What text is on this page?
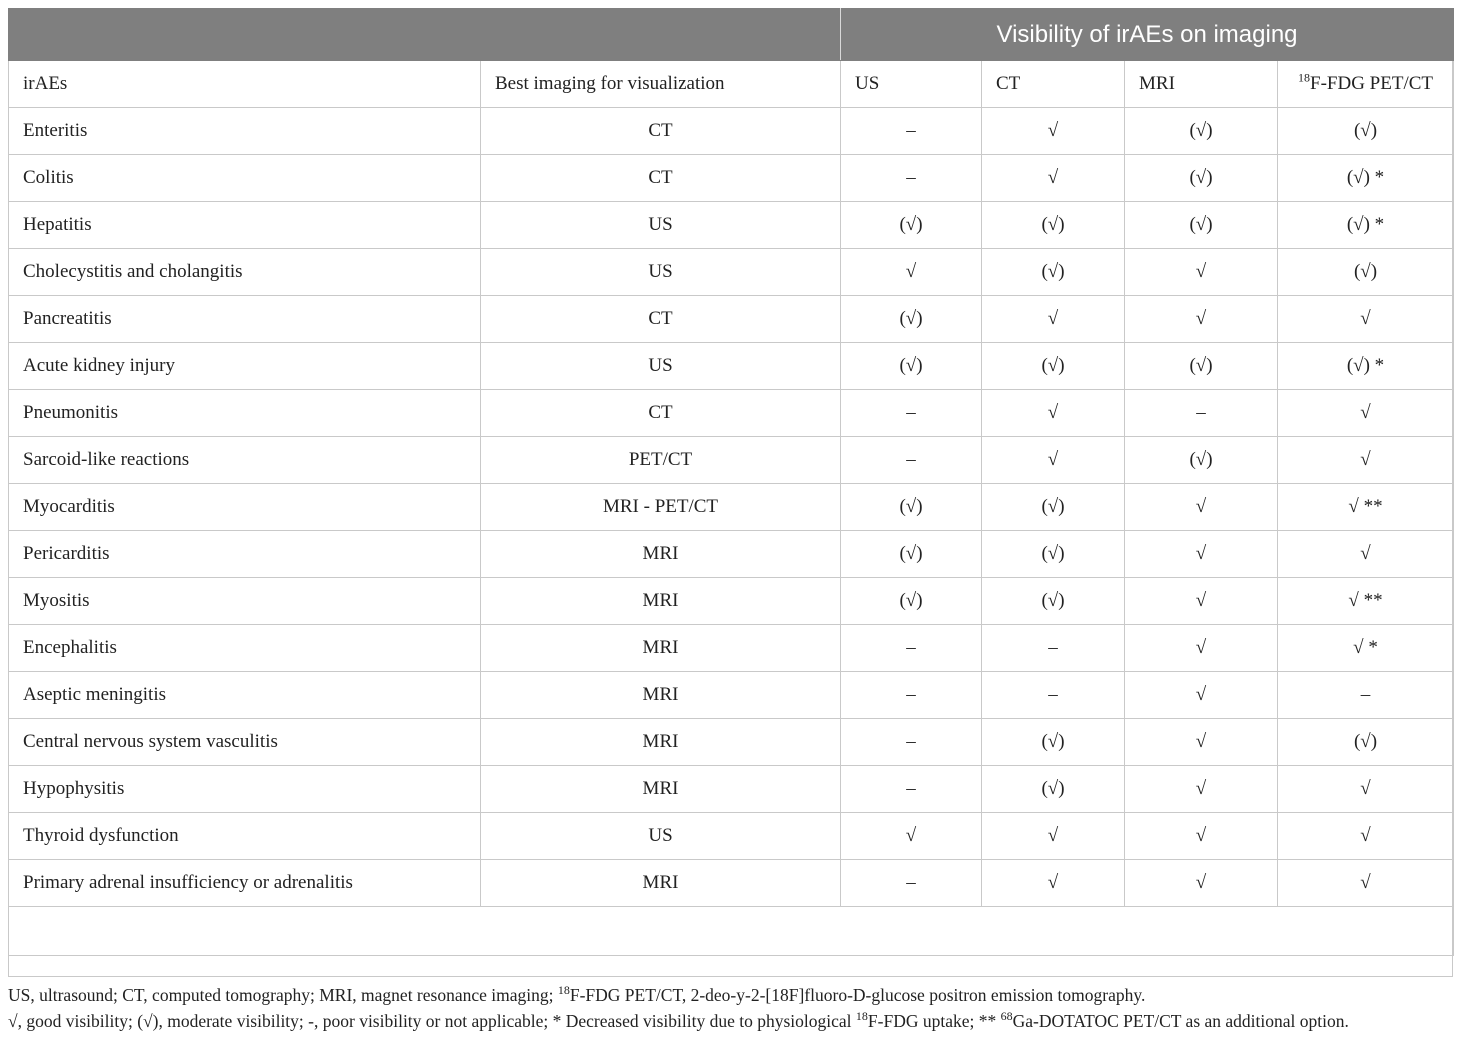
		Visibility of irAEs on imaging			
irAEs	Best imaging for visualization	US	CT	MRI	$^{18}$F-FDG PET/CT
Enteritis	CT	–	√	(√)	(√)
Colitis	CT	–	√	(√)	(√) *
Hepatitis	US	(√)	(√)	(√)	(√) *
Cholecystitis and cholangitis	US	√	(√)	√	(√)
Pancreatitis	CT	(√)	√	√	√
Acute kidney injury	US	(√)	(√)	(√)	(√) *
Pneumonitis	CT	–	√	–	√
Sarcoid-like reactions	PET/CT	–	√	(√)	√
Myocarditis	MRI - PET/CT	(√)	(√)	√	√ **
Pericarditis	MRI	(√)	(√)	√	√
Myositis	MRI	(√)	(√)	√	√ **
Encephalitis	MRI	–	–	√	√ *
Aseptic meningitis	MRI	–	–	√	–
Central nervous system vasculitis	MRI	–	(√)	√	(√)
Hypophysitis	MRI	–	(√)	√	√
Thyroid dysfunction	US	√	√	√	√
Primary adrenal insufficiency or adrenalitis	MRI	–	√	√	√

US, ultrasound; CT, computed tomography; MRI, magnet resonance imaging; $^{18}$F-FDG PET/CT, 2-deo-y-2-[18F]fluoro-D-glucose positron emission tomography.
√, good visibility; (√), moderate visibility; -, poor visibility or not applicable; * Decreased visibility due to physiological $^{18}$F-FDG uptake; ** $^{68}$Ga-DOTATOC PET/CT as an additional option.
